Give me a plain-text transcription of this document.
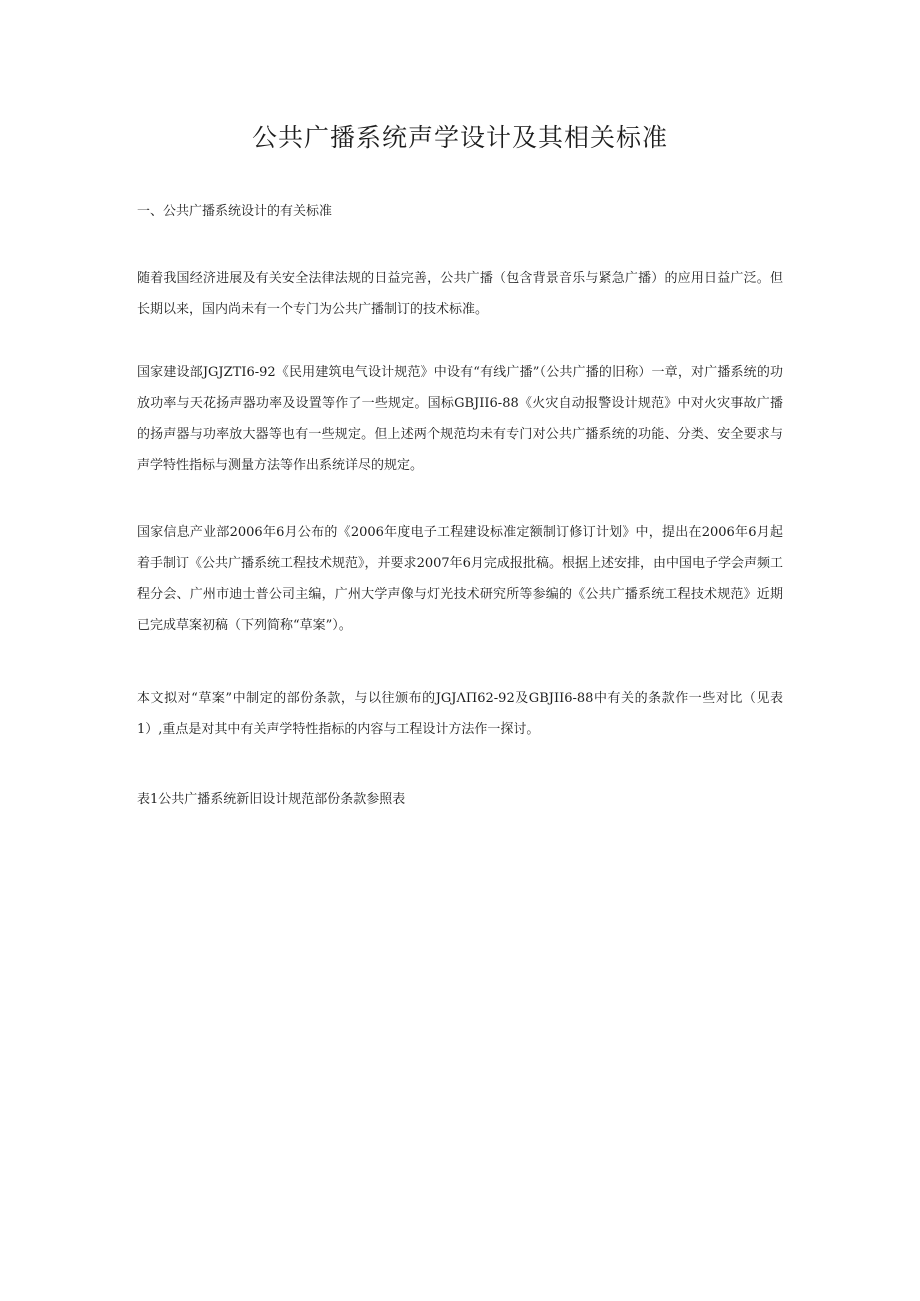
公共广播系统声学设计及其相关标准

一、公共广播系统设计的有关标准

随着我国经济进展及有关安全法律法规的日益完善，公共广播（包含背景音乐与紧急广播）的应用日益广泛。但长期以来，国内尚未有一个专门为公共广播制订的技术标准。

国家建设部JGJZTI6-92《民用建筑电气设计规范》中设有“有线广播”（公共广播的旧称）一章，对广播系统的功放功率与天花扬声器功率及设置等作了一些规定。国标GBJII6-88《火灾自动报警设计规范》中对火灾事故广播的扬声器与功率放大器等也有一些规定。但上述两个规范均未有专门对公共广播系统的功能、分类、安全要求与声学特性指标与测量方法等作出系统详尽的规定。

国家信息产业部2006年6月公布的《2006年度电子工程建设标准定额制订修订计划》中，提出在2006年6月起着手制订《公共广播系统工程技术规范》，并要求2007年6月完成报批稿。根据上述安排，由中国电子学会声频工程分会、广州市迪士普公司主编，广州大学声像与灯光技术研究所等参编的《公共广播系统工程技术规范》近期已完成草案初稿（下列简称“草案”）。

本文拟对“草案”中制定的部份条款，与以往颁布的JGJΛΠ62-92及GBJII6-88中有关的条款作一些对比（见表1）,重点是对其中有关声学特性指标的内容与工程设计方法作一探讨。

表1公共广播系统新旧设计规范部份条款参照表
